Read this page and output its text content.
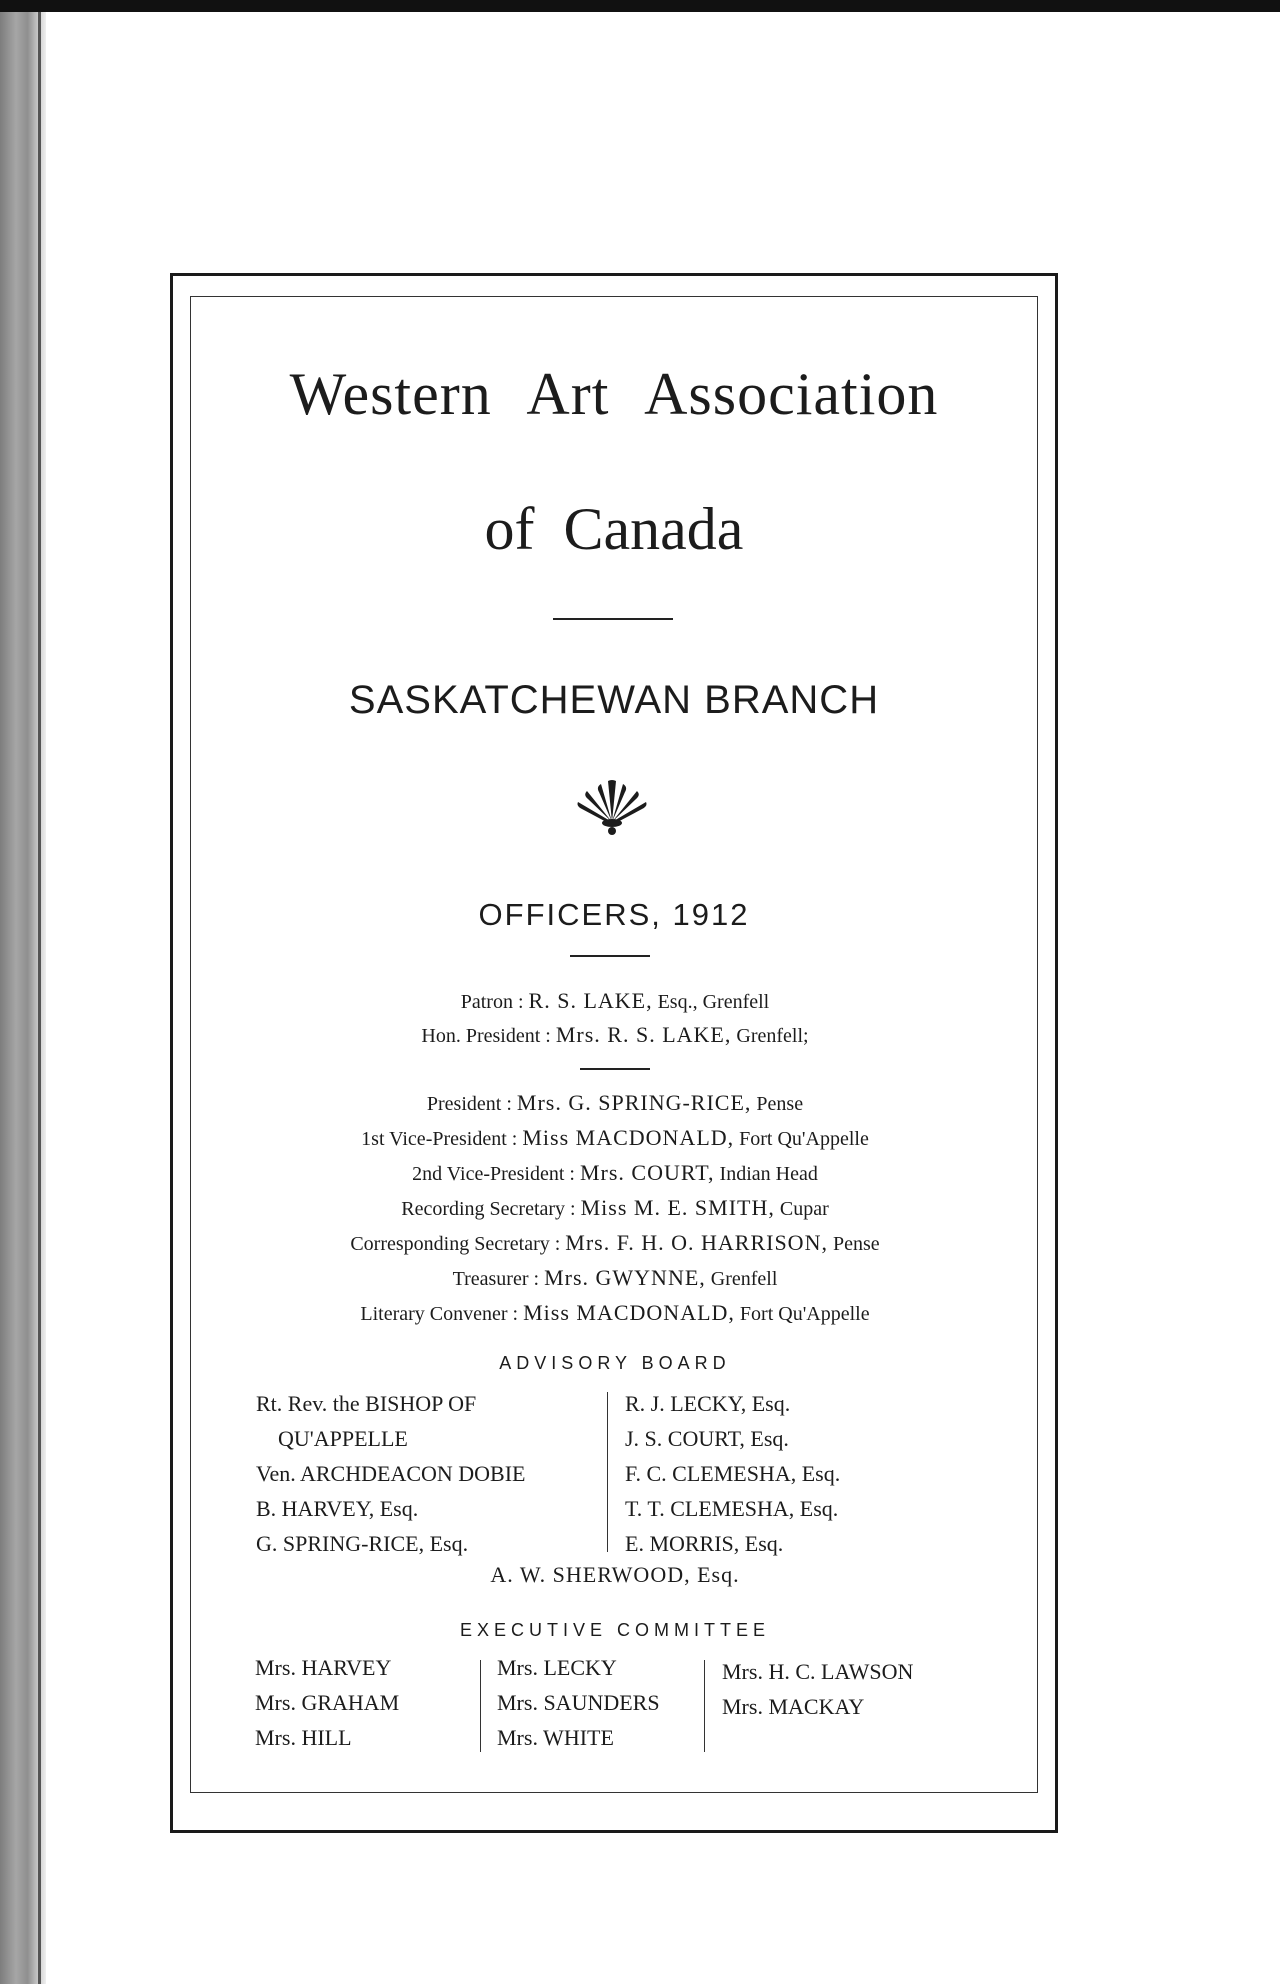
Western Art Association
of Canada
SASKATCHEWAN BRANCH
OFFICERS, 1912
Patron : R. S. LAKE, Esq., Grenfell
Hon. President : Mrs. R. S. LAKE, Grenfell;
President : Mrs. G. SPRING-RICE, Pense
1st Vice-President : Miss MACDONALD, Fort Qu'Appelle
2nd Vice-President : Mrs. COURT, Indian Head
Recording Secretary : Miss M. E. SMITH, Cupar
Corresponding Secretary : Mrs. F. H. O. HARRISON, Pense
Treasurer : Mrs. GWYNNE, Grenfell
Literary Convener : Miss MACDONALD, Fort Qu'Appelle
ADVISORY BOARD
Rt. Rev. the BISHOP OF
QU'APPELLE
Ven. ARCHDEACON DOBIE
B. HARVEY, Esq.
G. SPRING-RICE, Esq.
R. J. LECKY, Esq.
J. S. COURT, Esq.
F. C. CLEMESHA, Esq.
T. T. CLEMESHA, Esq.
E. MORRIS, Esq.
A. W. SHERWOOD, Esq.
EXECUTIVE COMMITTEE
Mrs. HARVEY
Mrs. GRAHAM
Mrs. HILL
Mrs. LECKY
Mrs. SAUNDERS
Mrs. WHITE
Mrs. H. C. LAWSON
Mrs. MACKAY
